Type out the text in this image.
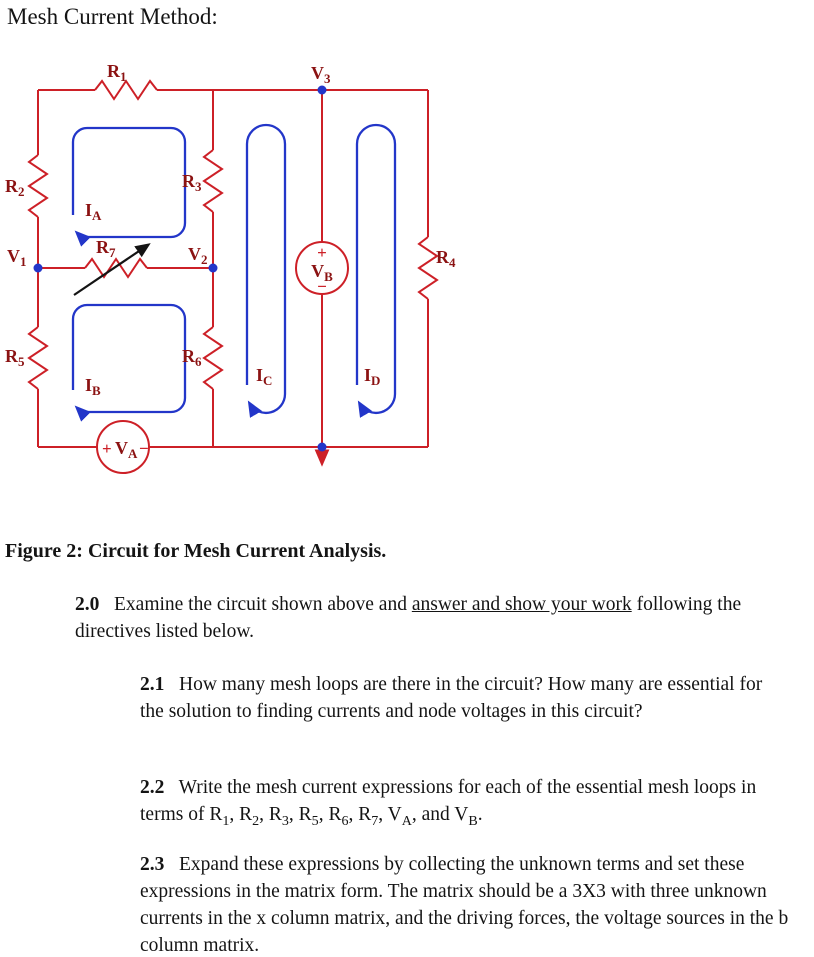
Mesh Current Method:
$R_1$	$V_3$
$R_2$
$R_3$
$V_1$	$V_2$
$R_7$	$R_4$
$R_5$	$R_6$
$I_A$
$I_B$
$I_C$	$I_D$
+ $V_A$ −
+
$V_B$
−
Figure 2: Circuit for Mesh Current Analysis.
2.0   Examine the circuit shown above and answer and show your work following the directives listed below.
2.1   How many mesh loops are there in the circuit? How many are essential for the solution to finding currents and node voltages in this circuit?
2.2   Write the mesh current expressions for each of the essential mesh loops in terms of $R_1$, $R_2$, $R_3$, $R_5$, $R_6$, $R_7$, $V_A$, and $V_B$.
2.3   Expand these expressions by collecting the unknown terms and set these expressions in the matrix form. The matrix should be a 3X3 with three unknown currents in the x column matrix, and the driving forces, the voltage sources in the b column matrix.
